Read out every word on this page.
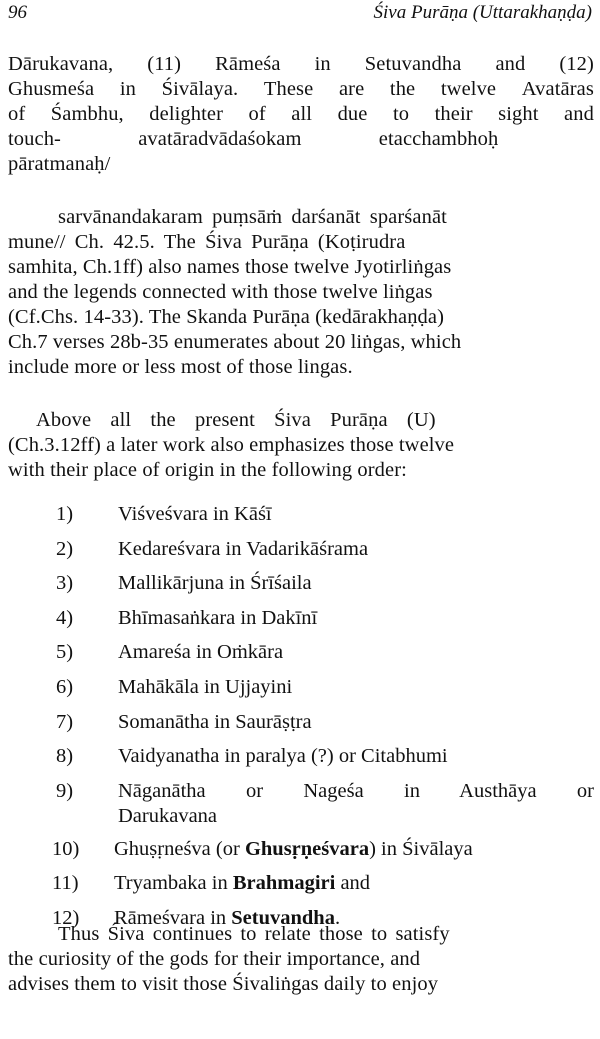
96	Śiva Purāṇa (Uttarakhaṇḍa)
Dārukavana, (11) Rāmeśa in Setuvandha and (12)
Ghusmeśa in Śivālaya. These are the twelve Avatāras
of Śambhu, delighter of all due to their sight and
touch- avatāradvādaśokam etacchambhoḥ
pāratmanaḥ/
sarvānandakaram puṃsāṁ darśanāt sparśanāt
mune// Ch. 42.5. The Śiva Purāṇa (Koṭirudra
samhita, Ch.1ff) also names those twelve Jyotirliṅgas
and the legends connected with those twelve liṅgas
(Cf.Chs. 14-33). The Skanda Purāṇa (kedārakhaṇḍa)
Ch.7 verses 28b-35 enumerates about 20 liṅgas, which
include more or less most of those lingas.
Above all the present Śiva Purāṇa (U)
(Ch.3.12ff) a later work also emphasizes those twelve
with their place of origin in the following order:
1)	Viśveśvara in Kāśī
2)	Kedareśvara in Vadarikāśrama
3)	Mallikārjuna in Śrīśaila
4)	Bhīmasaṅkara in Dakīnī
5)	Amareśa in Oṁkāra
6)	Mahākāla in Ujjayini
7)	Somanātha in Saurāṣṭra
8)	Vaidyanatha in paralya (?) or Citabhumi
9)	Nāganātha or Nageśa in Austhāya or Darukavana
10)	Ghuṣṛneśva (or Ghusṛṇeśvara) in Śivālaya
11)	Tryambaka in Brahmagiri and
12)	Rāmeśvara in Setuvandha.
Thus Śiva continues to relate those to satisfy
the curiosity of the gods for their importance, and
advises them to visit those Śivaliṅgas daily to enjoy
